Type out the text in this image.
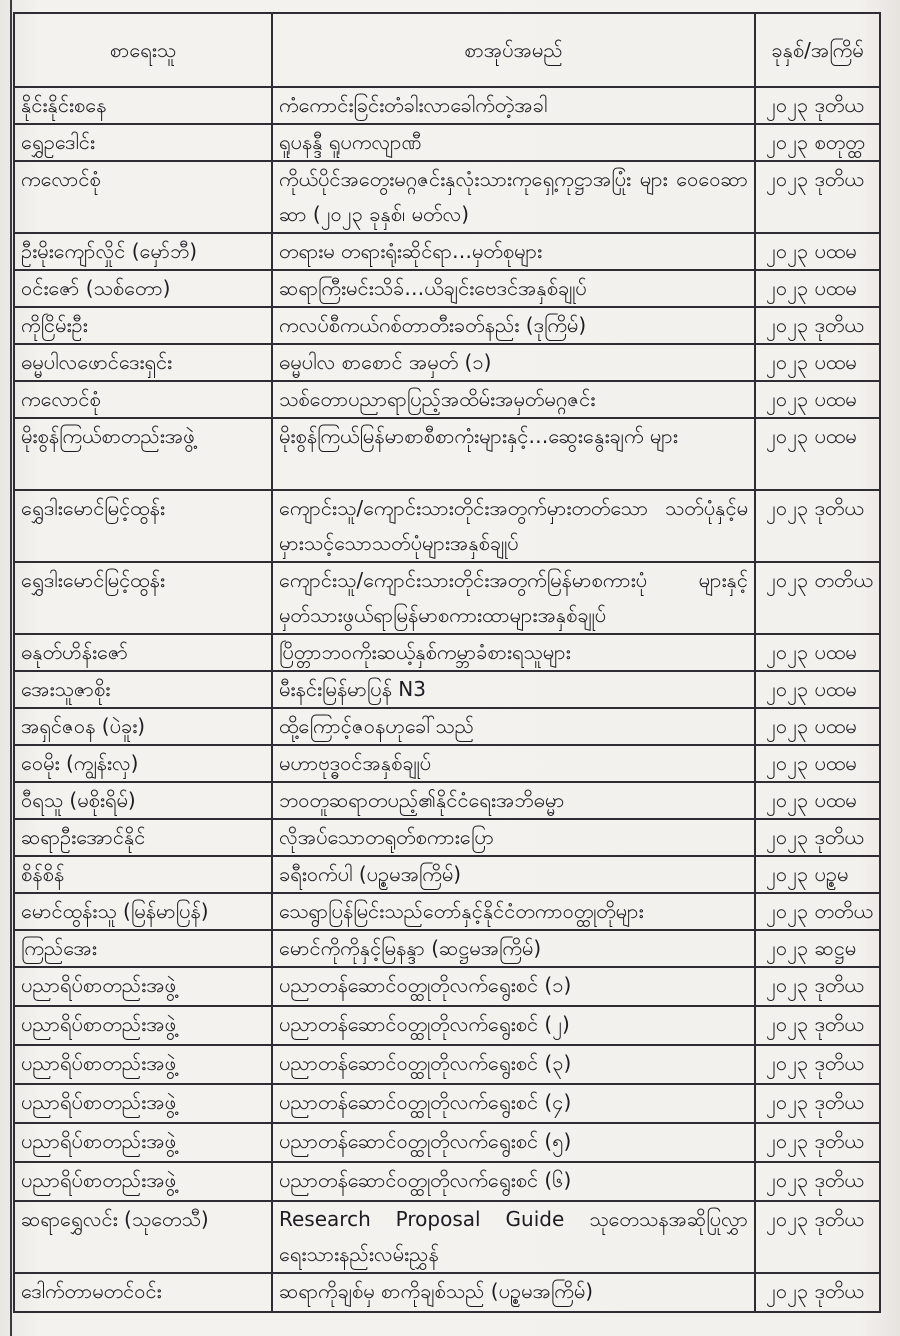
စာရေးသူ	စာအုပ်အမည်	ခုနှစ်/အကြိမ်
နိုင်းနိုင်းစနေ	ကံကောင်းခြင်းတံခါးလာခေါက်တဲ့အခါ	၂၀၂၃ ဒုတိယ
ရွှေဥဒေါင်း	ရူပနန္ဒီ ရူပကလျာဏီ	၂၀၂၃ စတုတ္ထ
ကလောင်စုံ	ကိုယ်ပိုင်အတွေးမဂ္ဂဇင်းနှလုံးသားကုရှေ့ကုဋ္ဌာအပြုံး များ ဝေဝေဆာဆာ (၂၀၂၃ ခုနှစ်၊ မတ်လ)	၂၀၂၃ ဒုတိယ
ဦးမိုးကျော်လှိုင် (မှော်ဘီ)	တရားမ တရားရုံးဆိုင်ရာ…မှတ်စုများ	၂၀၂၃ ပထမ
ဝင်းဇော် (သစ်တော)	ဆရာကြီးမင်းသိခ်…ယိချင်းဗေဒင်အနှစ်ချုပ်	၂၀၂၃ ပထမ
ကိုငြိမ်းဦး	ကလပ်စီကယ်ဂစ်တာတီးခတ်နည်း (ဒုကြိမ်)	၂၀၂၃ ဒုတိယ
ဓမ္မပါလဖောင်ဒေးရှင်း	ဓမ္မပါလ စာစောင် အမှတ် (၁)	၂၀၂၃ ပထမ
ကလောင်စုံ	သစ်တောပညာရာပြည့်အထိမ်းအမှတ်မဂ္ဂဇင်း	၂၀၂၃ ပထမ
မိုးစွန်ကြယ်စာတည်းအဖွဲ့	မိုးစွန်ကြယ်မြန်မာစာစီစာကုံးများနှင့်…ဆွေးနွေးချက် များ	၂၀၂၃ ပထမ
ရွှေဒါးမောင်မြင့်ထွန်း	ကျောင်းသူ/ကျောင်းသားတိုင်းအတွက်မှားတတ်သော သတ်ပုံနှင့်မမှားသင့်သောသတ်ပုံများအနှစ်ချုပ်	၂၀၂၃ ဒုတိယ
ရွှေဒါးမောင်မြင့်ထွန်း	ကျောင်းသူ/ကျောင်းသားတိုင်းအတွက်မြန်မာစကားပုံ များနှင့် မှတ်သားဖွယ်ရာမြန်မာစကားထာများအနှစ်ချုပ်	၂၀၂၃ တတိယ
ဓနုတ်ဟိန်းဇော်	ပြိတ္တာဘဝကိုးဆယ့်နှစ်ကမ္ဘာခံစားရသူများ	၂၀၂၃ ပထမ
အေးသူဇာစိုး	မီးနင်းမြန်မာပြန် N3	၂၀၂၃ ပထမ
အရှင်ဇဝန (ပဲခူး)	ထို့ကြောင့်ဇဝနဟုခေါ်သည်	၂၀၂၃ ပထမ
ဝေမိုး (ကျွန်းလှ)	မဟာဗုဒ္ဓဝင်အနှစ်ချုပ်	၂၀၂၃ ပထမ
ဝီရသူ (မစိုးရိမ်)	ဘဝတူဆရာတပည့်၏နိုင်ငံရေးအဘိဓမ္မာ	၂၀၂၃ ပထမ
ဆရာဦးအောင်နိုင်	လိုအပ်သောတရုတ်စကားပြော	၂၀၂၃ ဒုတိယ
စိန်စိန်	ခရီးဝက်ပါ (ပဥ္စမအကြိမ်)	၂၀၂၃ ပဉ္စမ
မောင်ထွန်းသူ (မြန်မာပြန်)	သေရွာပြန်မြင်းသည်တော်နှင့်နိုင်ငံတကာဝတ္ထုတိုများ	၂၀၂၃ တတိယ
ကြည်အေး	မောင်ကိုကိုနှင့်မြနန္ဒာ (ဆဋ္ဌမအကြိမ်)	၂၀၂၃ ဆဋ္ဌမ
ပညာရိပ်စာတည်းအဖွဲ့	ပညာတန်ဆောင်ဝတ္ထုတိုလက်ရွေးစင် (၁)	၂၀၂၃ ဒုတိယ
ပညာရိပ်စာတည်းအဖွဲ့	ပညာတန်ဆောင်ဝတ္ထုတိုလက်ရွေးစင် (၂)	၂၀၂၃ ဒုတိယ
ပညာရိပ်စာတည်းအဖွဲ့	ပညာတန်ဆောင်ဝတ္ထုတိုလက်ရွေးစင် (၃)	၂၀၂၃ ဒုတိယ
ပညာရိပ်စာတည်းအဖွဲ့	ပညာတန်ဆောင်ဝတ္ထုတိုလက်ရွေးစင် (၄)	၂၀၂၃ ဒုတိယ
ပညာရိပ်စာတည်းအဖွဲ့	ပညာတန်ဆောင်ဝတ္ထုတိုလက်ရွေးစင် (၅)	၂၀၂၃ ဒုတိယ
ပညာရိပ်စာတည်းအဖွဲ့	ပညာတန်ဆောင်ဝတ္ထုတိုလက်ရွေးစင် (၆)	၂၀၂၃ ဒုတိယ
ဆရာရွှေလင်း (သုတေသီ)	Research Proposal Guide သုတေသနအဆိုပြုလွှာ ရေးသားနည်းလမ်းညွှန်	၂၀၂၃ ဒုတိယ
ဒေါက်တာမတင်ဝင်း	ဆရာကိုချစ်မှ စာကိုချစ်သည် (ပဥ္စမအကြိမ်)	၂၀၂၃ ဒုတိယ
